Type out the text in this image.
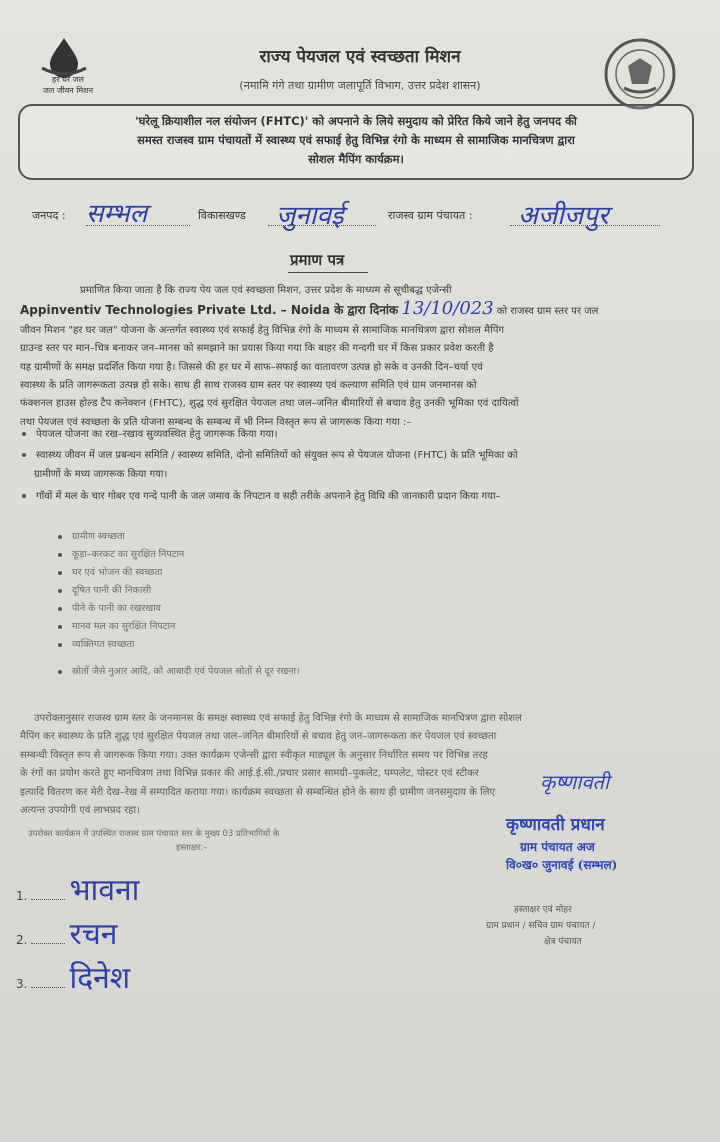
हर घर जल
जल जीवन मिशन
राज्य पेयजल एवं स्वच्छता मिशन
(नमामि गंगे तथा ग्रामीण जलापूर्ति विभाग, उत्तर प्रदेश शासन)
'घरेलू क्रियाशील नल संयोजन (FHTC)' को अपनाने के लिये समुदाय को प्रेरित किये जाने हेतु जनपद की
समस्त राजस्व ग्राम पंचायतों में स्वास्थ्य एवं सफाई हेतु विभिन्न रंगो के माध्यम से सामाजिक मानचित्रण द्वारा
सोशल मैपिंग कार्यक्रम।
जनपद : सम्भल	विकासखण्ड जुनावई	राजस्व ग्राम पंचायत : अजीजपुर
प्रमाण पत्र
प्रमाणित किया जाता है कि राज्य पेय जल एवं स्वच्छता मिशन, उत्तर प्रदेश के माध्यम से सूचीबद्ध एजेन्सी
Appinventiv Technologies Private Ltd. – Noida के द्वारा दिनांक 13/10/023 को राजस्व ग्राम स्तर पर जल
जीवन मिशन "हर घर जल" योजना के अन्तर्गत स्वास्थ्य एवं सफाई हेतु विभिन्न रंगो के माध्यम से सामाजिक मानचित्रण द्वारा सोशल मैपिंग
ग्राउन्ड स्तर पर मान–चित्र बनाकर जन–मानस को समझाने का प्रयास किया गया कि बाहर की गन्दगी घर में किस प्रकार प्रवेश करती है
यह ग्रामीणों के समक्ष प्रदर्शित किया गया है। जिससे की हर घर में साफ–सफाई का वातावरण उत्पन्न हो सके व उनकी दिन–चर्या एवं
स्वास्थ्य के प्रति जागरूकता उत्पन्न हो सके। साथ ही साथ राजस्व ग्राम स्तर पर स्वास्थ्य एवं कल्याण समिति एवं ग्राम जनमानस को
फंक्शनल हाउस होल्ड टैप कनेक्शन (FHTC), शुद्ध एवं सुरक्षित पेयजल तथा जल–जनित बीमारियों से बचाव हेतु उनकी भूमिका एवं दायित्वों
तथा पेयजल एवं स्वच्छता के प्रति योजना सम्बन्ध के सम्बन्ध में भी निम्न विस्तृत रूप से जागरूक किया गया :–
पेयजल योजना का रख–रखाव सुव्यवस्थित हेतु जागरूक किया गया।
स्वास्थ्य जीवन में जल प्रबन्धन समिति / स्वास्थ्य समिति, दोनो समितियों को संयुक्त रूप से पेयजल योजना (FHTC) के प्रति भूमिका को
ग्रामीणों के मध्य जागरूक किया गया।
गॉवों में मल के चार गोबर एव गन्दे पानी के जल जमाव के निपटान व सही तरीके अपनाने हेतु विधि की जानकारी प्रदान किया गया–
ग्रामीण स्वच्छता
कूड़ा–करकट का सुरक्षित निपटान
घर एवं भोजन की स्वच्छता
दूषित पानी की निकासी
पीने के पानी का रखरखाव
मानव मल का सुरक्षित निपटान
व्यक्तिगत स्वच्छता
स्रोतों जैसे नुआर आदि, को आबादी एवं पेयजल स्रोतों से दूर रखना।
उपरोक्तानुसार राजस्व ग्राम स्तर के जनमानस के समक्ष स्वास्थ्य एवं सफाई हेतु विभिन्न रंगो के माध्यम से सामाजिक मानचित्रण द्वारा सोशल
मैपिंग कर स्वास्थ्य के प्रति शुद्ध एवं सुरक्षित पेयजल तथा जल–जनित बीमारियों से बचाव हेतु जन–जागरूकता कर पेयजल एवं स्वच्छता
सम्बन्धी विस्तृत रूप से जागरूक किया गया। उक्त कार्यक्रम एजेन्सी द्वारा स्वीकृत माड्यूल के अनुसार निर्धारित समय पर विभिन्न तरह
के रंगों का प्रयोग करते हुए मानचित्रण तथा विभिन्न प्रकार की आई.ई.सी./प्रचार प्रसार सामग्री–पुकलेट, पम्पलेट, पोस्टर एवं स्टीकर
इत्यादि वितरण कर मेरी देख–रेख में सम्पादित कराया गया। कार्यक्रम स्वच्छता से सम्बन्धित होने के साथ ही ग्रामीण जनसमुदाय के लिए
अत्यन्त उपयोगी एवं लाभप्रद रहा।
उपरोक्त कार्यक्रम में उपस्थित राजस्व ग्राम पंचायत स्तर के मुख्य 03 प्रतिभागियों के
हस्ताक्षर:–
कृष्णावती
कृष्णावती प्रधान
ग्राम पंचायत अज
वि०ख० जुनावई (सम्भल)
1. भावना
2. रचन
3. दिनेश
हस्ताक्षर एवं मोहर
ग्राम प्रधान / सचिव ग्राम पंचायत /
क्षेत्र पंचायत
